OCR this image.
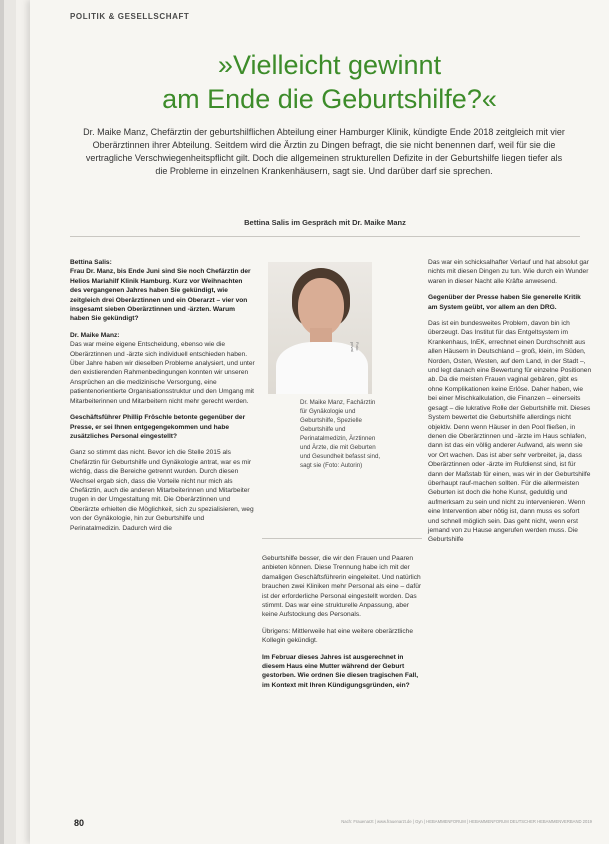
POLITIK & GESELLSCHAFT
»Vielleicht gewinnt
am Ende die Geburtshilfe?«
Dr. Maike Manz, Chefärztin der geburtshilflichen Abteilung einer Hamburger Klinik, kündigte Ende 2018 zeitgleich mit vier Oberärztinnen ihrer Abteilung. Seitdem wird die Ärztin zu Dingen befragt, die sie nicht benennen darf, weil für sie die vertragliche Verschwiegenheitspflicht gilt. Doch die allgemeinen strukturellen Defizite in der Geburtshilfe liegen tiefer als die Probleme in einzelnen Krankenhäusern, sagt sie. Und darüber darf sie sprechen.
Bettina Salis im Gespräch mit Dr. Maike Manz

Bettina Salis:

Frau Dr. Manz, bis Ende Juni sind Sie noch Chefärztin der Helios Mariahilf Klinik Hamburg. Kurz vor Weihnachten des vergangenen Jahres haben Sie gekündigt, wie zeitgleich drei Oberärztinnen und ein Oberarzt – vier von insgesamt sieben Oberärztinnen und -ärzten. Warum haben Sie gekündigt?

Dr. Maike Manz:

Das war meine eigene Entscheidung, ebenso wie die Oberärztinnen und -ärzte sich individuell entschieden haben. Über Jahre haben wir dieselben Probleme analysiert, und unter den existierenden Rahmenbedingungen konnten wir unseren Ansprüchen an die medizinische Versorgung, eine patientenorientierte Organisationsstruktur und den Umgang mit Mitarbeiterinnen und Mitarbeitern nicht mehr gerecht werden.

Geschäftsführer Phillip Fröschle betonte gegenüber der Presse, er sei Ihnen entgegengekommen und habe zusätzliches Personal eingestellt?

Ganz so stimmt das nicht. Bevor ich die Stelle 2015 als Chefärztin für Geburtshilfe und Gynäkologie antrat, war es mir wichtig, dass die Bereiche getrennt wurden. Durch diesen Wechsel ergab sich, dass die Vorteile nicht nur mich als Chefärztin, auch die anderen Mitarbeiterinnen und Mitarbeiter trugen in der Umgestaltung mit. Die Oberärztinnen und Oberärzte erhielten die Möglichkeit, sich zu spezialisieren, weg von der Gynäkologie, hin zur Geburtshilfe und Perinatalmedizin. Dadurch wird die

Foto: privat
Dr. Maike Manz, Fachärztin für Gynäkologie und Geburtshilfe, Spezielle Geburtshilfe und Perinatalmedizin, Ärztinnen und Ärzte, die mit Geburten und Gesundheit befasst sind, sagt sie (Foto: Autorin)

Geburtshilfe besser, die wir den Frauen und Paaren anbieten können. Diese Trennung habe ich mit der damaligen Geschäftsführerin eingeleitet. Und natürlich brauchen zwei Kliniken mehr Personal als eine – dafür ist der erforderliche Personal eingestellt worden. Das stimmt. Das war eine strukturelle Anpassung, aber keine Aufstockung des Personals.

Übrigens: Mittlerweile hat eine weitere oberärztliche Kollegin gekündigt.

Im Februar dieses Jahres ist ausgerechnet in diesem Haus eine Mutter während der Geburt gestorben. Wie ordnen Sie diesen tragischen Fall, im Kontext mit Ihren Kündigungsgründen, ein?

Das war ein schicksalhafter Verlauf und hat absolut gar nichts mit diesen Dingen zu tun. Wie durch ein Wunder waren in dieser Nacht alle Kräfte anwesend.

Gegenüber der Presse haben Sie generelle Kritik am System geübt, vor allem an den DRG.

Das ist ein bundesweites Problem, davon bin ich überzeugt. Das Institut für das Entgeltsystem im Krankenhaus, InEK, errechnet einen Durchschnitt aus allen Häusern in Deutschland – groß, klein, im Süden, Norden, Osten, Westen, auf dem Land, in der Stadt –, und legt danach eine Bewertung für einzelne Positionen ab. Da die meisten Frauen vaginal gebären, gibt es ohne Komplikationen keine Erlöse. Daher haben, wie bei einer Mischkalkulation, die Finanzen – einerseits gesagt – die lukrative Rolle der Geburtshilfe mit. Dieses System bewertet die Geburtshilfe allerdings nicht objektiv. Denn wenn Häuser in den Pool fließen, in denen die Oberärztinnen und -ärzte im Haus schlafen, dann ist das ein völlig anderer Aufwand, als wenn sie vor Ort wachen. Das ist aber sehr verbreitet, ja, dass Oberärztinnen oder -ärzte im Rufdienst sind, ist für dann der Maßstab für einen, was wir in der Geburtshilfe überhaupt rauf-machen sollten. Für die allermeisten Geburten ist doch die hohe Kunst, geduldig und aufmerksam zu sein und nicht zu intervenieren. Wenn eine Intervention aber nötig ist, dann muss es sofort und schnell möglich sein. Das geht nicht, wenn erst jemand von zu Hause angerufen werden muss. Die Geburtshilfe

80	Nach: Frauenarzt | www.frauenarzt.de | Gyn | HEBAMMENFORUM | HEBAMMENFORUM DEUTSCHER HEBAMMENVERBAND 2019
